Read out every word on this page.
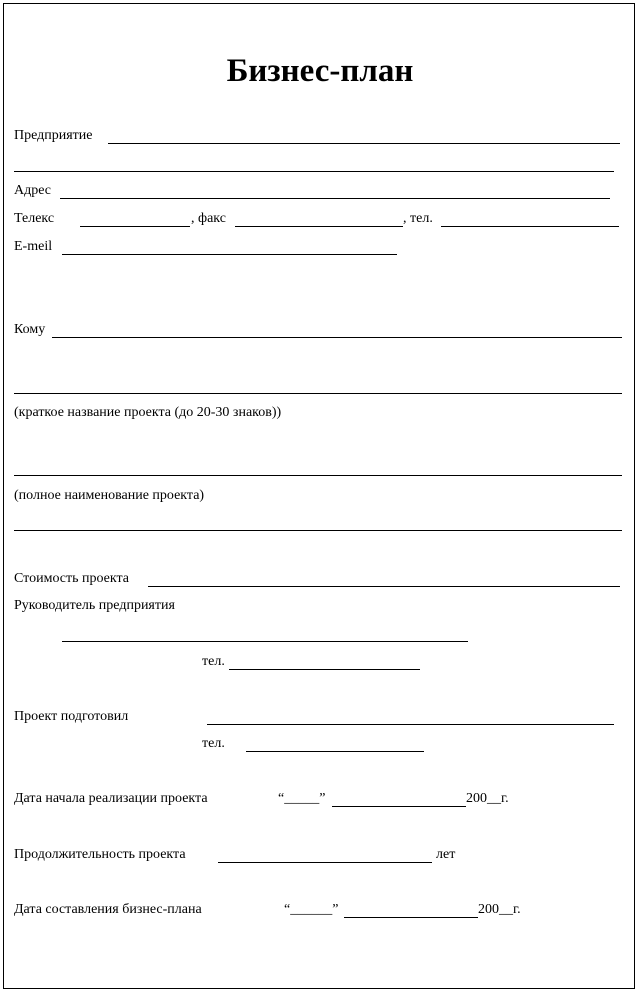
Бизнес-план
Предприятие
Адрес
Телекс	, факс	, тел.
E-meil
Кому
(краткое название проекта (до 20-30 знаков))
(полное наименование проекта)
Стоимость проекта
Руководитель предприятия
тел.
Проект подготовил
тел.
Дата начала реализации проекта	“_____”	200__г.
Продолжительность проекта	лет
Дата составления бизнес-плана	“______”	200__г.
